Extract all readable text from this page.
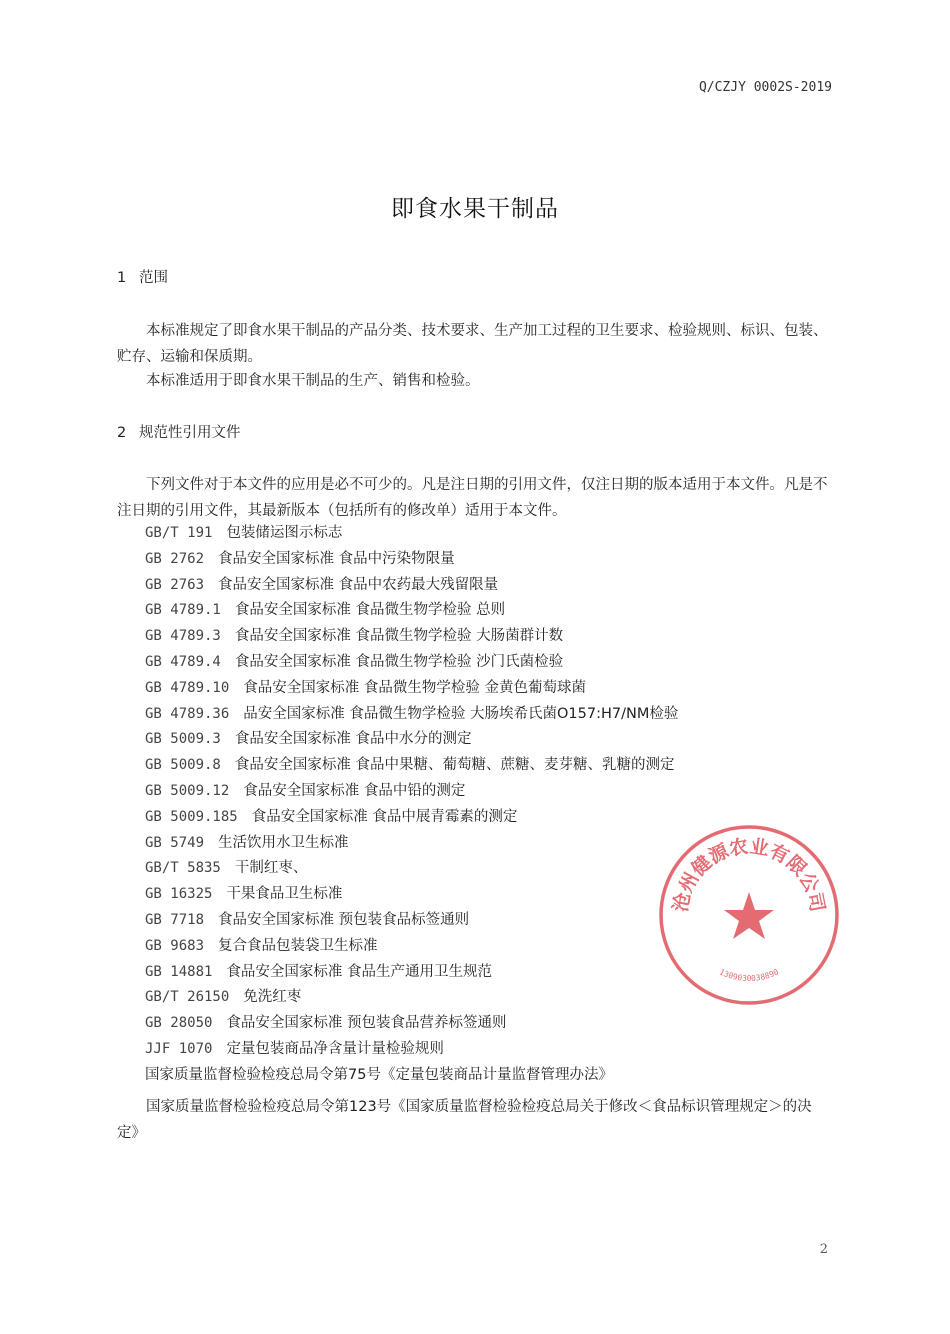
Q/CZJY 0002S-2019
即食水果干制品
1 范围

本标准规定了即食水果干制品的产品分类、技术要求、生产加工过程的卫生要求、检验规则、标识、包装、贮存、运输和保质期。

本标准适用于即食水果干制品的生产、销售和检验。

2 规范性引用文件

下列文件对于本文件的应用是必不可少的。凡是注日期的引用文件，仅注日期的版本适用于本文件。凡是不注日期的引用文件，其最新版本（包括所有的修改单）适用于本文件。

GB/T 191 包装储运图示标志
GB 2762 食品安全国家标准 食品中污染物限量
GB 2763 食品安全国家标准 食品中农药最大残留限量
GB 4789.1 食品安全国家标准 食品微生物学检验 总则
GB 4789.3 食品安全国家标准 食品微生物学检验 大肠菌群计数
GB 4789.4 食品安全国家标准 食品微生物学检验 沙门氏菌检验
GB 4789.10 食品安全国家标准 食品微生物学检验 金黄色葡萄球菌
GB 4789.36 品安全国家标准 食品微生物学检验 大肠埃希氏菌O157:H7/NM检验
GB 5009.3 食品安全国家标准 食品中水分的测定
GB 5009.8 食品安全国家标准 食品中果糖、葡萄糖、蔗糖、麦芽糖、乳糖的测定
GB 5009.12 食品安全国家标准 食品中铅的测定
GB 5009.185 食品安全国家标准 食品中展青霉素的测定
GB 5749 生活饮用水卫生标准
GB/T 5835 干制红枣、
GB 16325 干果食品卫生标准
GB 7718 食品安全国家标准 预包装食品标签通则
GB 9683 复合食品包装袋卫生标准
GB 14881 食品安全国家标准 食品生产通用卫生规范
GB/T 26150 免洗红枣
GB 28050 食品安全国家标准 预包装食品营养标签通则
JJF 1070 定量包装商品净含量计量检验规则
国家质量监督检验检疫总局令第75号《定量包装商品计量监督管理办法》

国家质量监督检验检疫总局令第123号《国家质量监督检验检疫总局关于修改＜食品标识管理规定＞的决定》

沧州健源农业有限公司
1309030038890
2
